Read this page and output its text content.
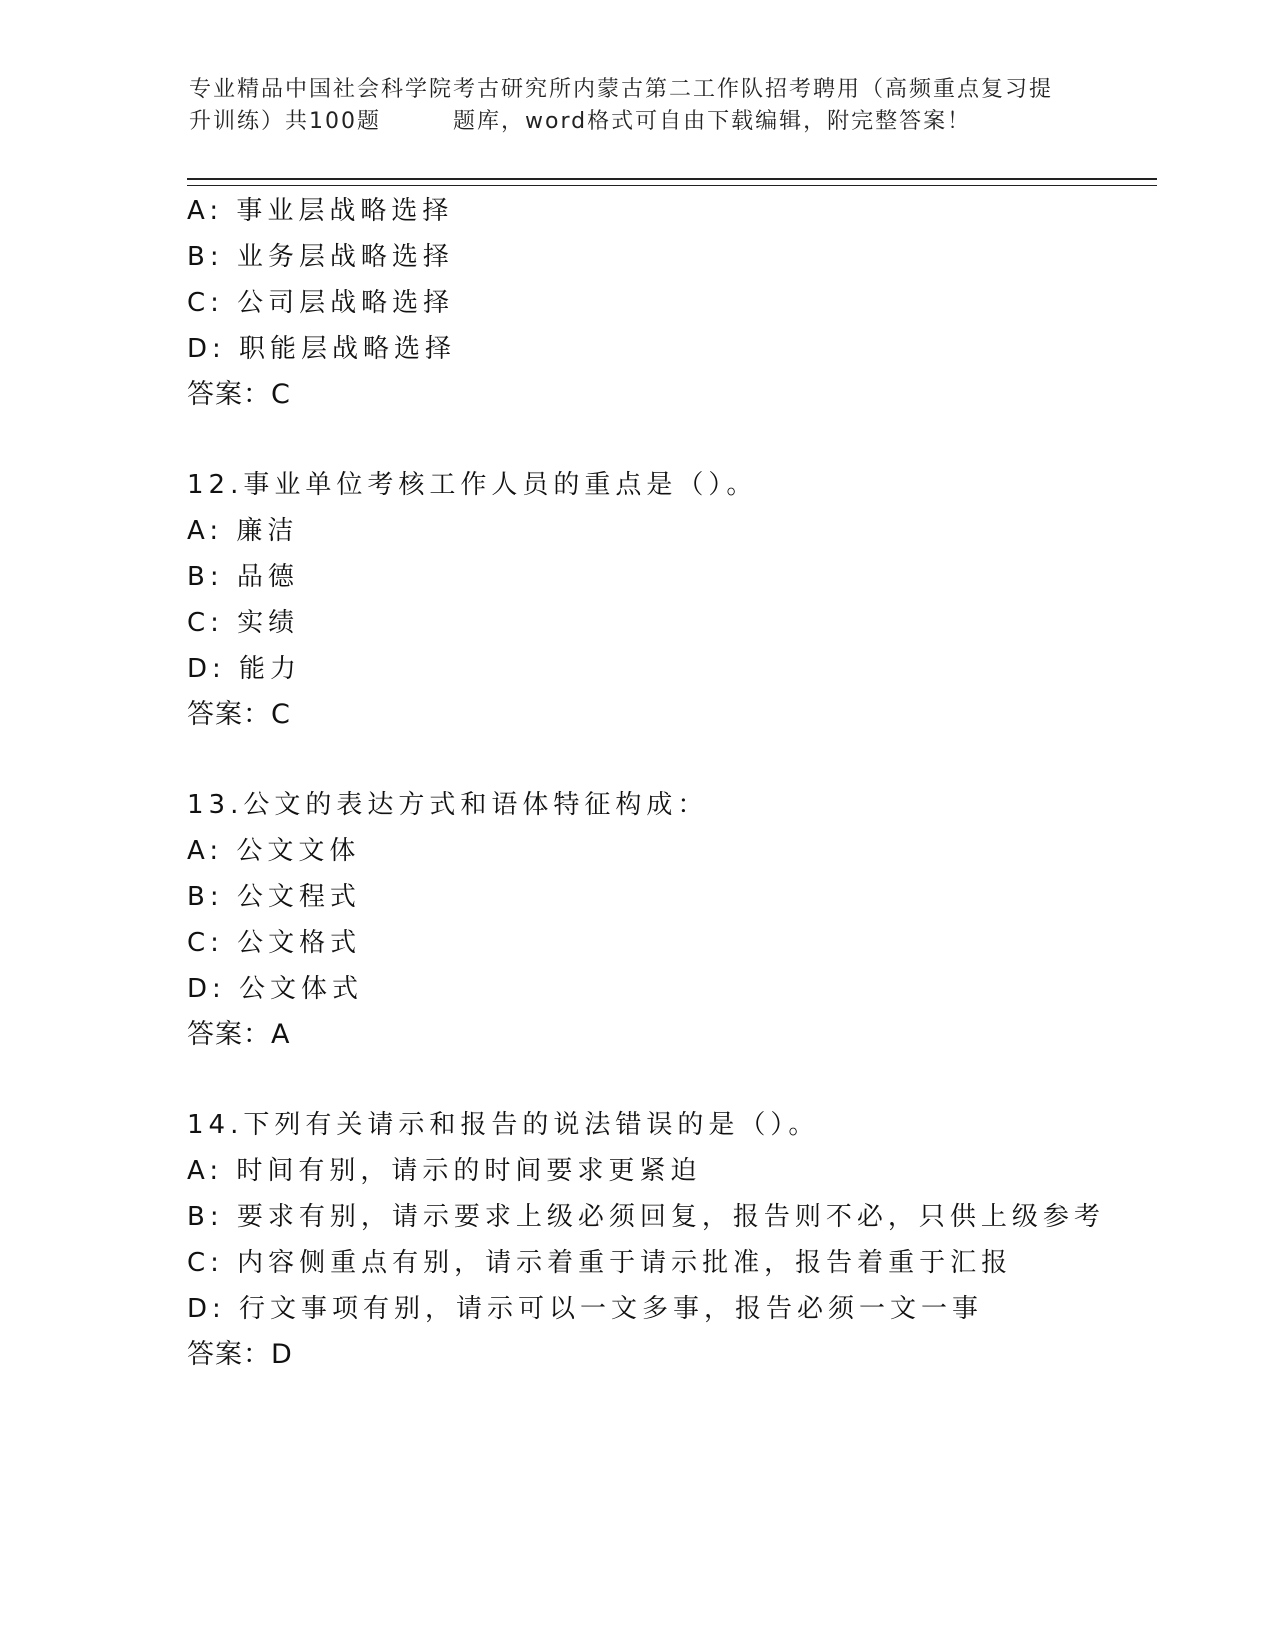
专业精品中国社会科学院考古研究所内蒙古第二工作队招考聘用（高频重点复习提
升训练）共100题	题库，word格式可自由下载编辑，附完整答案！
A: 事业层战略选择
B: 业务层战略选择
C: 公司层战略选择
D: 职能层战略选择
答案：C
12.事业单位考核工作人员的重点是（）。
A: 廉洁
B: 品德
C: 实绩
D: 能力
答案：C
13.公文的表达方式和语体特征构成：
A: 公文文体
B: 公文程式
C: 公文格式
D: 公文体式
答案：A
14.下列有关请示和报告的说法错误的是（）。
A: 时间有别，请示的时间要求更紧迫
B: 要求有别，请示要求上级必须回复，报告则不必，只供上级参考
C: 内容侧重点有别，请示着重于请示批准，报告着重于汇报
D: 行文事项有别，请示可以一文多事，报告必须一文一事
答案：D
